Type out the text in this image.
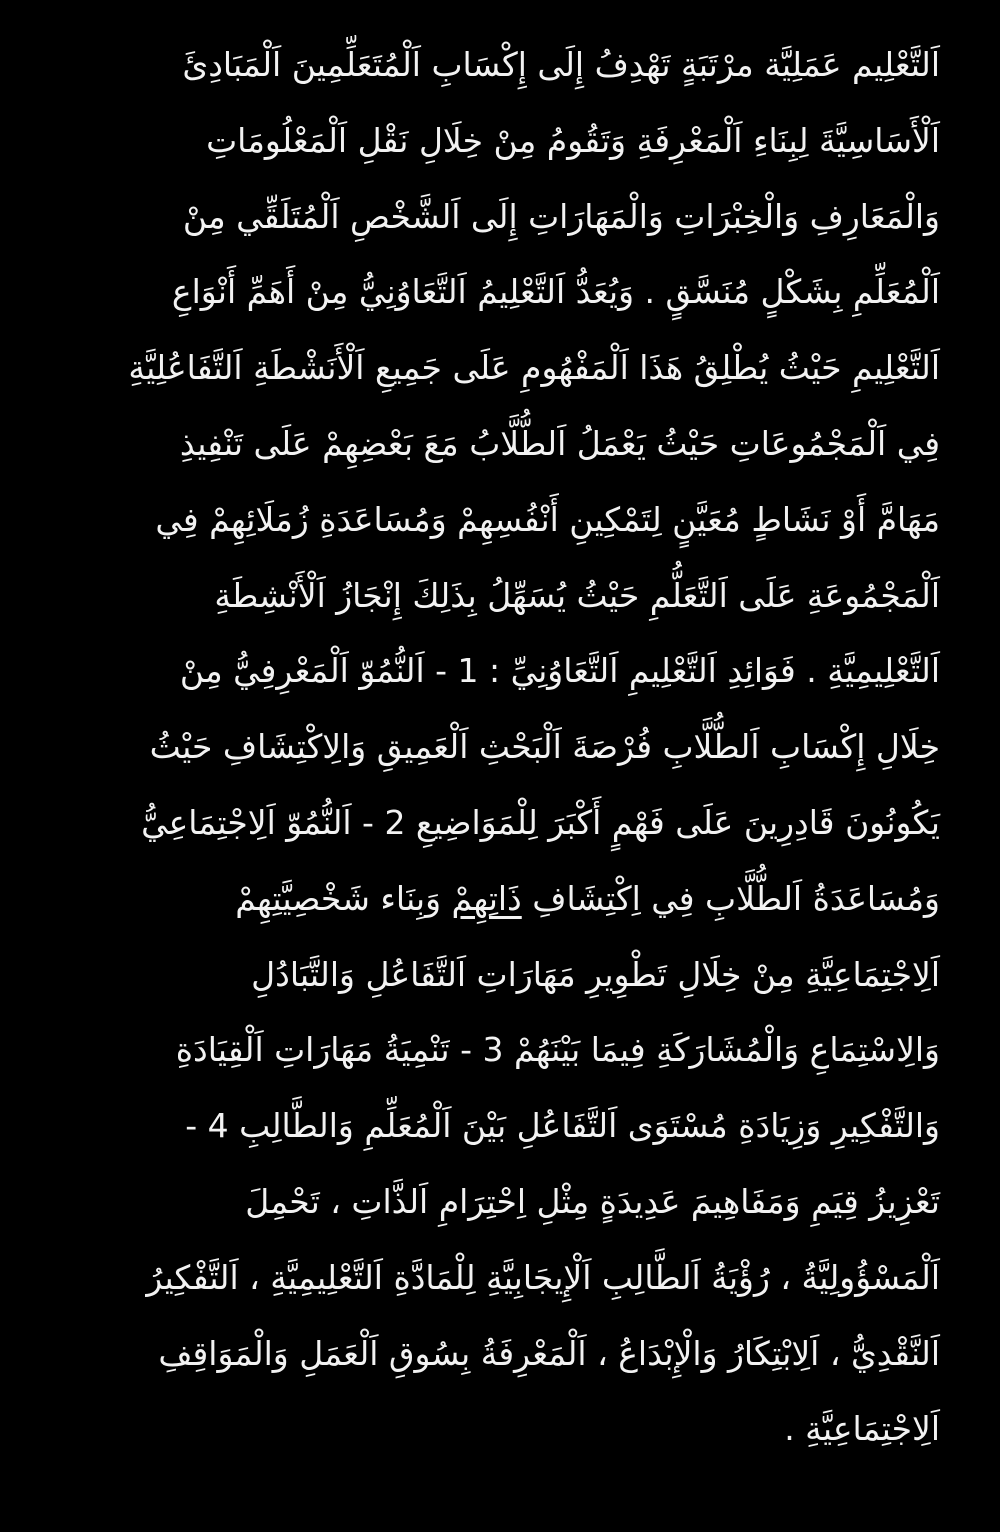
اَلتَّعْلِيم عَمَلِيَّة مرْتَبَةٍ تَهْدِفُ إِلَى إِكْسَابِ اَلْمُتَعَلِّمِينَ اَلْمَبَادِئَ
اَلْأَسَاسِيَّةَ لِبِنَاءِ اَلْمَعْرِفَةِ وَتَقُومُ مِنْ خِلَالِ نَقْلِ اَلْمَعْلُومَاتِ
وَالْمَعَارِفِ وَالْخِبْرَاتِ وَالْمَهَارَاتِ إِلَى اَلشَّخْصِ اَلْمُتَلَقِّي مِنْ
اَلْمُعَلِّمِ بِشَكْلٍ مُنَسَّقٍ . وَيُعَدُّ اَلتَّعْلِيمُ اَلتَّعَاوُنِيُّ مِنْ أَهَمِّ أَنْوَاعِ
اَلتَّعْلِيمِ حَيْثُ يُطْلِقُ هَذَا اَلْمَفْهُومِ عَلَى جَمِيعِ اَلْأَنَشْطَةِ اَلتَّفَاعُلِيَّةِ
فِي اَلْمَجْمُوعَاتِ حَيْثُ يَعْمَلُ اَلطُّلَّابُ مَعَ بَعْضِهِمْ عَلَى تَنْفِيذِ
مَهَامَّ أَوْ نَشَاطٍ مُعَيَّنٍ لِتَمْكِينِ أَنْفُسِهِمْ وَمُسَاعَدَةِ زُمَلَائِهِمْ فِي
اَلْمَجْمُوعَةِ عَلَى اَلتَّعَلُّمِ حَيْثُ يُسَهِّلُ بِذَلِكَ إِنْجَازُ اَلْأَنْشِطَةِ
اَلتَّعْلِيمِيَّةِ . فَوَائِدِ اَلتَّعْلِيمِ اَلتَّعَاوُنِيِّ : 1 - اَلنُّمُوّ اَلْمَعْرِفِيُّ مِنْ
خِلَالِ إِكْسَابِ اَلطُّلَّابِ فُرْصَةَ اَلْبَحْثِ اَلْعَمِيقِ وَالِاكْتِشَافِ حَيْثُ
يَكُونُونَ قَادِرِينَ عَلَى فَهْمٍ أَكْبَرَ لِلْمَوَاضِيعِ 2 - اَلنُّمُوّ اَلِاجْتِمَاعِيُّ
وَمُسَاعَدَةُ اَلطُّلَّابِ فِي اِكْتِشَافِ ذَاتِهِمْ وَبِنَاء شَخْصِيَّتِهِمْ
اَلِاجْتِمَاعِيَّةِ مِنْ خِلَالِ تَطْوِيرِ مَهَارَاتِ اَلتَّفَاعُلِ وَالتَّبَادُلِ
وَالِاسْتِمَاعِ وَالْمُشَارَكَةِ فِيمَا بَيْنَهُمْ 3 - تَنْمِيَةُ مَهَارَاتِ اَلْقِيَادَةِ
وَالتَّفْكِيرِ وَزِيَادَةِ مُسْتَوَى اَلتَّفَاعُلِ بَيْنَ اَلْمُعَلِّمِ وَالطَّالِبِ 4 -
تَعْزِيزُ قِيَمِ وَمَفَاهِيمَ عَدِيدَةٍ مِثْلِ اِحْتِرَامِ اَلذَّاتِ ، تَحْمِلَ
اَلْمَسْؤُولِيَّةُ ، رُؤْيَةُ اَلطَّالِبِ اَلْإِيجَابِيَّةِ لِلْمَادَّةِ اَلتَّعْلِيمِيَّةِ ، اَلتَّفْكِيرُ
اَلنَّقْدِيُّ ، اَلِابْتِكَارُ وَالْإِبْدَاعُ ، اَلْمَعْرِفَةُ بِسُوقِ اَلْعَمَلِ وَالْمَوَاقِفِ
اَلِاجْتِمَاعِيَّةِ .
